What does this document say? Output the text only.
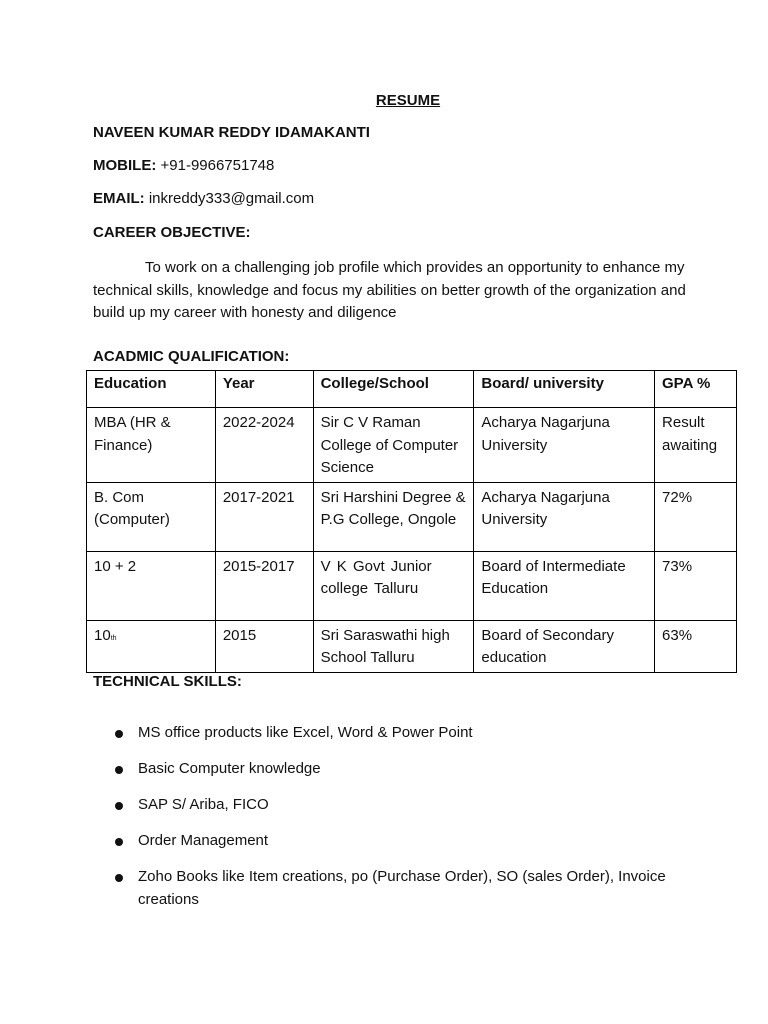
RESUME
NAVEEN KUMAR REDDY IDAMAKANTI
MOBILE: +91-9966751748
EMAIL: inkreddy333@gmail.com
CAREER OBJECTIVE:
To work on a challenging job profile which provides an opportunity to enhance my technical skills, knowledge and focus my abilities on better growth of the organization and build up my career with honesty and diligence
ACADMIC QUALIFICATION:
Education	Year	College/School	Board/ university	GPA %
MBA (HR & Finance)	2022-2024	Sir C V Raman College of Computer Science	Acharya Nagarjuna University	Result awaiting
B. Com (Computer)	2017-2021	Sri Harshini Degree & P.G College, Ongole	Acharya Nagarjuna University	72%
10 + 2	2015-2017	V K Govt Junior college Talluru	Board of Intermediate Education	73%
10th	2015	Sri Saraswathi high School Talluru	Board of Secondary education	63%
TECHNICAL SKILLS:
MS office products like Excel, Word & Power Point
Basic Computer knowledge
SAP S/ Ariba, FICO
Order Management
Zoho Books like Item creations, po (Purchase Order), SO (sales Order), Invoice creations
